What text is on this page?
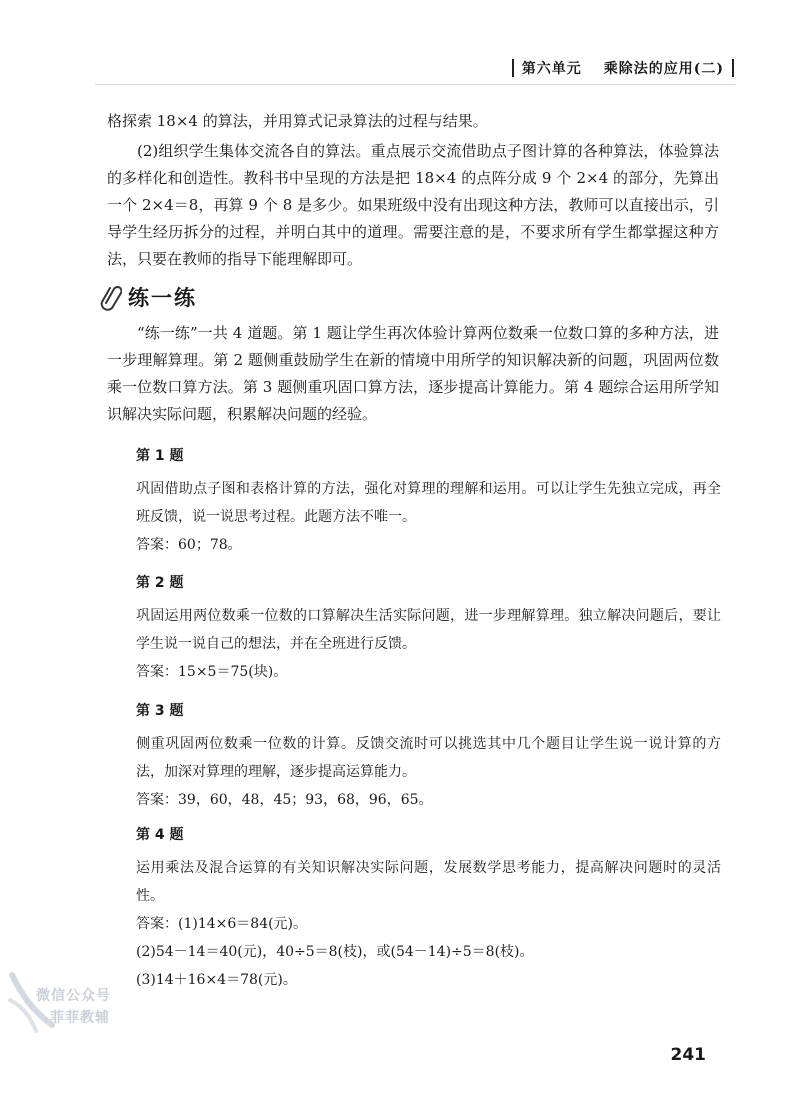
第六单元 乘除法的应用(二)

格探索 18×4 的算法，并用算式记录算法的过程与结果。

(2)组织学生集体交流各自的算法。重点展示交流借助点子图计算的各种算法，体验算法的多样化和创造性。教科书中呈现的方法是把 18×4 的点阵分成 9 个 2×4 的部分，先算出一个 2×4＝8，再算 9 个 8 是多少。如果班级中没有出现这种方法，教师可以直接出示，引导学生经历拆分的过程，并明白其中的道理。需要注意的是，不要求所有学生都掌握这种方法，只要在教师的指导下能理解即可。

练一练

“练一练”一共 4 道题。第 1 题让学生再次体验计算两位数乘一位数口算的多种方法，进一步理解算理。第 2 题侧重鼓励学生在新的情境中用所学的知识解决新的问题，巩固两位数乘一位数口算方法。第 3 题侧重巩固口算方法，逐步提高计算能力。第 4 题综合运用所学知识解决实际问题，积累解决问题的经验。

第 1 题

巩固借助点子图和表格计算的方法，强化对算理的理解和运用。可以让学生先独立完成，再全班反馈，说一说思考过程。此题方法不唯一。

答案：60；78。

第 2 题

巩固运用两位数乘一位数的口算解决生活实际问题，进一步理解算理。独立解决问题后，要让学生说一说自己的想法，并在全班进行反馈。

答案：15×5＝75(块)。

第 3 题

侧重巩固两位数乘一位数的计算。反馈交流时可以挑选其中几个题目让学生说一说计算的方法，加深对算理的理解，逐步提高运算能力。

答案：39，60，48，45；93，68，96，65。

第 4 题

运用乘法及混合运算的有关知识解决实际问题，发展数学思考能力，提高解决问题时的灵活性。

答案：(1)14×6＝84(元)。

(2)54－14＝40(元)，40÷5＝8(枝)，或(54－14)÷5＝8(枝)。

(3)14＋16×4＝78(元)。

微信公众号
菲菲教辅
241
